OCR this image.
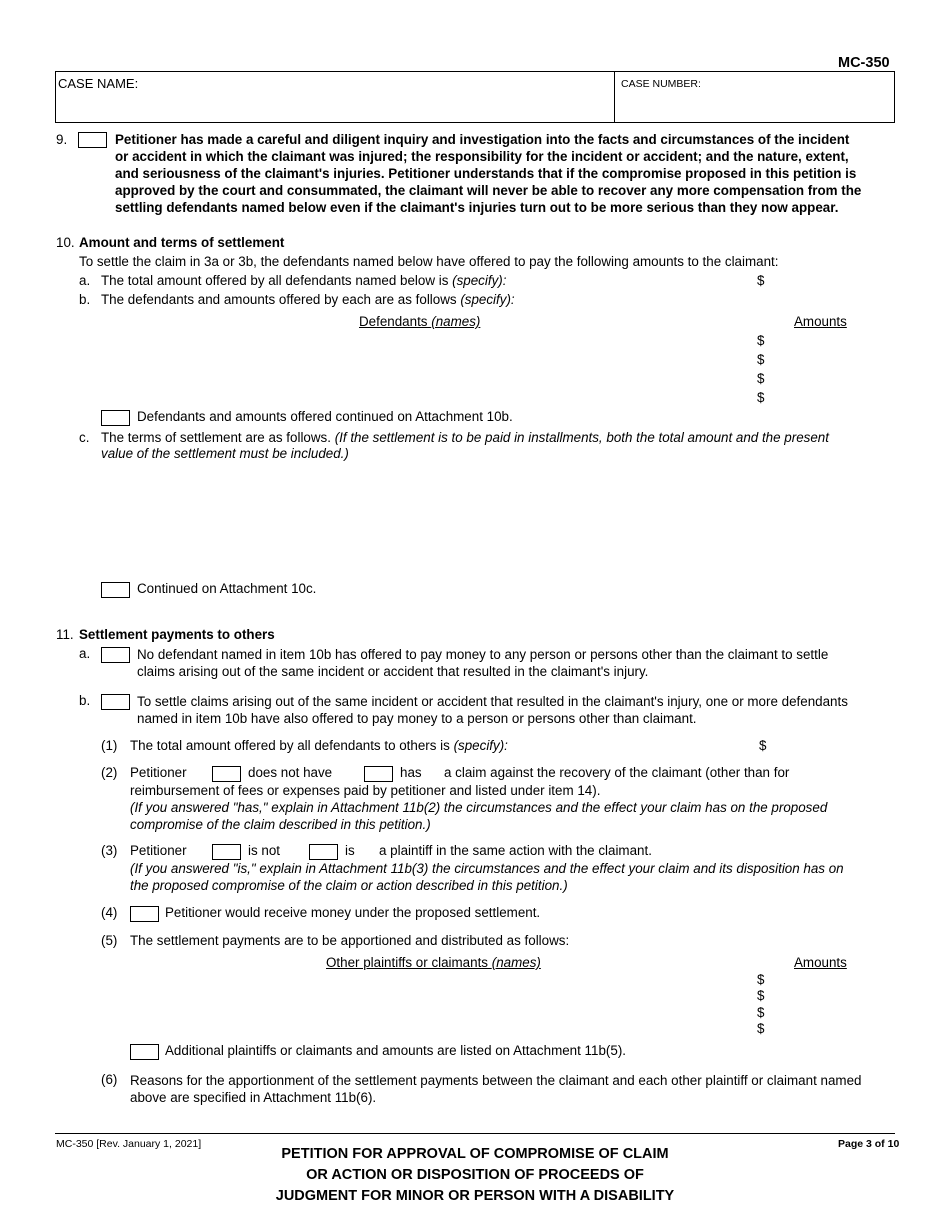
MC-350
CASE NAME:	CASE NUMBER:
9.	Petitioner has made a careful and diligent inquiry and investigation into the facts and circumstances of the incident
or accident in which the claimant was injured; the responsibility for the incident or accident; and the nature, extent,
and seriousness of the claimant's injuries. Petitioner understands that if the compromise proposed in this petition is
approved by the court and consummated, the claimant will never be able to recover any more compensation from the
settling defendants named below even if the claimant's injuries turn out to be more serious than they now appear.
10. Amount and terms of settlement
To settle the claim in 3a or 3b, the defendants named below have offered to pay the following amounts to the claimant:
a. The total amount offered by all defendants named below is (specify):	$
b. The defendants and amounts offered by each are as follows (specify):
Defendants (names)	Amounts
$
$
$
$
Defendants and amounts offered continued on Attachment 10b.
c. The terms of settlement are as follows. (If the settlement is to be paid in installments, both the total amount and the present
value of the settlement must be included.)
Continued on Attachment 10c.
11. Settlement payments to others
a.	No defendant named in item 10b has offered to pay money to any person or persons other than the claimant to settle
claims arising out of the same incident or accident that resulted in the claimant's injury.
b.	To settle claims arising out of the same incident or accident that resulted in the claimant's injury, one or more defendants
named in item 10b have also offered to pay money to a person or persons other than claimant.
(1) The total amount offered by all defendants to others is (specify):	$
(2) Petitioner	does not have	has a claim against the recovery of the claimant (other than for
reimbursement of fees or expenses paid by petitioner and listed under item 14).
(If you answered "has," explain in Attachment 11b(2) the circumstances and the effect your claim has on the proposed
compromise of the claim described in this petition.)
(3) Petitioner	is not	is a plaintiff in the same action with the claimant.
(If you answered "is," explain in Attachment 11b(3) the circumstances and the effect your claim and its disposition has on
the proposed compromise of the claim or action described in this petition.)
(4)	Petitioner would receive money under the proposed settlement.
(5) The settlement payments are to be apportioned and distributed as follows:
Other plaintiffs or claimants (names)	Amounts
$
$
$
$
Additional plaintiffs or claimants and amounts are listed on Attachment 11b(5).
(6) Reasons for the apportionment of the settlement payments between the claimant and each other plaintiff or claimant named
above are specified in Attachment 11b(6).
MC-350 [Rev. January 1, 2021]	Page 3 of 10
PETITION FOR APPROVAL OF COMPROMISE OF CLAIM
OR ACTION OR DISPOSITION OF PROCEEDS OF
JUDGMENT FOR MINOR OR PERSON WITH A DISABILITY
